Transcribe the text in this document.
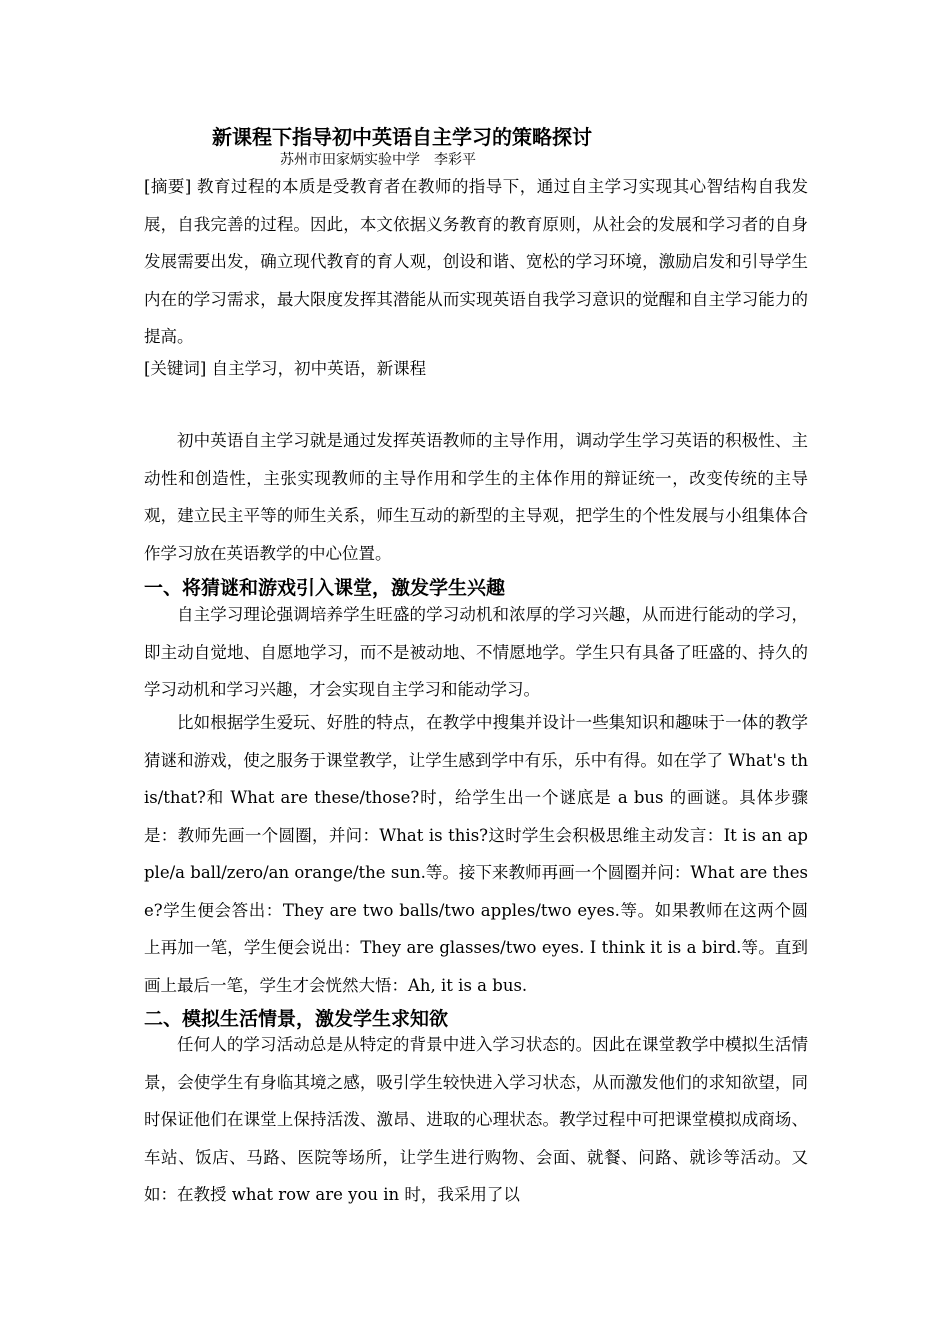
新课程下指导初中英语自主学习的策略探讨
苏州市田家炳实验中学　李彩平

[摘要] 教育过程的本质是受教育者在教师的指导下，通过自主学习实现其心智结构自我发展，自我完善的过程。因此，本文依据义务教育的教育原则，从社会的发展和学习者的自身发展需要出发，确立现代教育的育人观，创设和谐、宽松的学习环境，激励启发和引导学生内在的学习需求，最大限度发挥其潜能从而实现英语自我学习意识的觉醒和自主学习能力的提高。

[关键词] 自主学习，初中英语，新课程

初中英语自主学习就是通过发挥英语教师的主导作用，调动学生学习英语的积极性、主动性和创造性，主张实现教师的主导作用和学生的主体作用的辩证统一，改变传统的主导观，建立民主平等的师生关系，师生互动的新型的主导观，把学生的个性发展与小组集体合作学习放在英语教学的中心位置。

一、将猜谜和游戏引入课堂，激发学生兴趣

自主学习理论强调培养学生旺盛的学习动机和浓厚的学习兴趣，从而进行能动的学习，即主动自觉地、自愿地学习，而不是被动地、不情愿地学。学生只有具备了旺盛的、持久的学习动机和学习兴趣，才会实现自主学习和能动学习。

比如根据学生爱玩、好胜的特点，在教学中搜集并设计一些集知识和趣味于一体的教学猜谜和游戏，使之服务于课堂教学，让学生感到学中有乐，乐中有得。如在学了 What's this/that?和 What are these/those?时，给学生出一个谜底是 a bus 的画谜。具体步骤是：教师先画一个圆圈，并问：What is this?这时学生会积极思维主动发言：It is an apple/a ball/zero/an orange/the sun.等。接下来教师再画一个圆圈并问：What are these?学生便会答出：They are two balls/two apples/two eyes.等。如果教师在这两个圆上再加一笔，学生便会说出：They are glasses/two eyes. I think it is a bird.等。直到画上最后一笔，学生才会恍然大悟：Ah, it is a bus.

二、模拟生活情景，激发学生求知欲

任何人的学习活动总是从特定的背景中进入学习状态的。因此在课堂教学中模拟生活情景，会使学生有身临其境之感，吸引学生较快进入学习状态，从而激发他们的求知欲望，同时保证他们在课堂上保持活泼、激昂、进取的心理状态。教学过程中可把课堂模拟成商场、车站、饭店、马路、医院等场所，让学生进行购物、会面、就餐、问路、就诊等活动。又如：在教授 what row are you in 时，我采用了以
